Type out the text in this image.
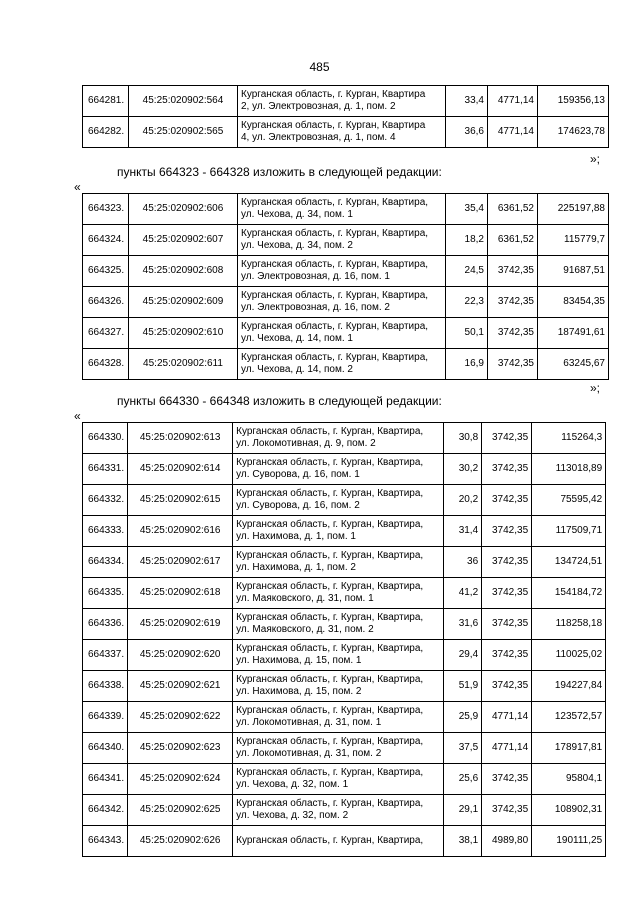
485
664281.	45:25:020902:564	Курганская область, г. Курган, Квартира
2, ул. Электровозная, д. 1, пом. 2	33,4	4771,14	159356,13
664282.	45:25:020902:565	Курганская область, г. Курган, Квартира
4, ул. Электровозная, д. 1, пом. 4	36,6	4771,14	174623,78
»;
пункты 664323 - 664328 изложить в следующей редакции:
«
664323.	45:25:020902:606	Курганская область, г. Курган, Квартира,
ул. Чехова, д. 34, пом. 1	35,4	6361,52	225197,88
664324.	45:25:020902:607	Курганская область, г. Курган, Квартира,
ул. Чехова, д. 34, пом. 2	18,2	6361,52	115779,7
664325.	45:25:020902:608	Курганская область, г. Курган, Квартира,
ул. Электровозная, д. 16, пом. 1	24,5	3742,35	91687,51
664326.	45:25:020902:609	Курганская область, г. Курган, Квартира,
ул. Электровозная, д. 16, пом. 2	22,3	3742,35	83454,35
664327.	45:25:020902:610	Курганская область, г. Курган, Квартира,
ул. Чехова, д. 14, пом. 1	50,1	3742,35	187491,61
664328.	45:25:020902:611	Курганская область, г. Курган, Квартира,
ул. Чехова, д. 14, пом. 2	16,9	3742,35	63245,67
»;
пункты 664330 - 664348 изложить в следующей редакции:
«
664330.	45:25:020902:613	Курганская область, г. Курган, Квартира,
ул. Локомотивная, д. 9, пом. 2	30,8	3742,35	115264,3
664331.	45:25:020902:614	Курганская область, г. Курган, Квартира,
ул. Суворова, д. 16, пом. 1	30,2	3742,35	113018,89
664332.	45:25:020902:615	Курганская область, г. Курган, Квартира,
ул. Суворова, д. 16, пом. 2	20,2	3742,35	75595,42
664333.	45:25:020902:616	Курганская область, г. Курган, Квартира,
ул. Нахимова, д. 1, пом. 1	31,4	3742,35	117509,71
664334.	45:25:020902:617	Курганская область, г. Курган, Квартира,
ул. Нахимова, д. 1, пом. 2	36	3742,35	134724,51
664335.	45:25:020902:618	Курганская область, г. Курган, Квартира,
ул. Маяковского, д. 31, пом. 1	41,2	3742,35	154184,72
664336.	45:25:020902:619	Курганская область, г. Курган, Квартира,
ул. Маяковского, д. 31, пом. 2	31,6	3742,35	118258,18
664337.	45:25:020902:620	Курганская область, г. Курган, Квартира,
ул. Нахимова, д. 15, пом. 1	29,4	3742,35	110025,02
664338.	45:25:020902:621	Курганская область, г. Курган, Квартира,
ул. Нахимова, д. 15, пом. 2	51,9	3742,35	194227,84
664339.	45:25:020902:622	Курганская область, г. Курган, Квартира,
ул. Локомотивная, д. 31, пом. 1	25,9	4771,14	123572,57
664340.	45:25:020902:623	Курганская область, г. Курган, Квартира,
ул. Локомотивная, д. 31, пом. 2	37,5	4771,14	178917,81
664341.	45:25:020902:624	Курганская область, г. Курган, Квартира,
ул. Чехова, д. 32, пом. 1	25,6	3742,35	95804,1
664342.	45:25:020902:625	Курганская область, г. Курган, Квартира,
ул. Чехова, д. 32, пом. 2	29,1	3742,35	108902,31
664343.	45:25:020902:626	Курганская область, г. Курган, Квартира,	38,1	4989,80	190111,25
